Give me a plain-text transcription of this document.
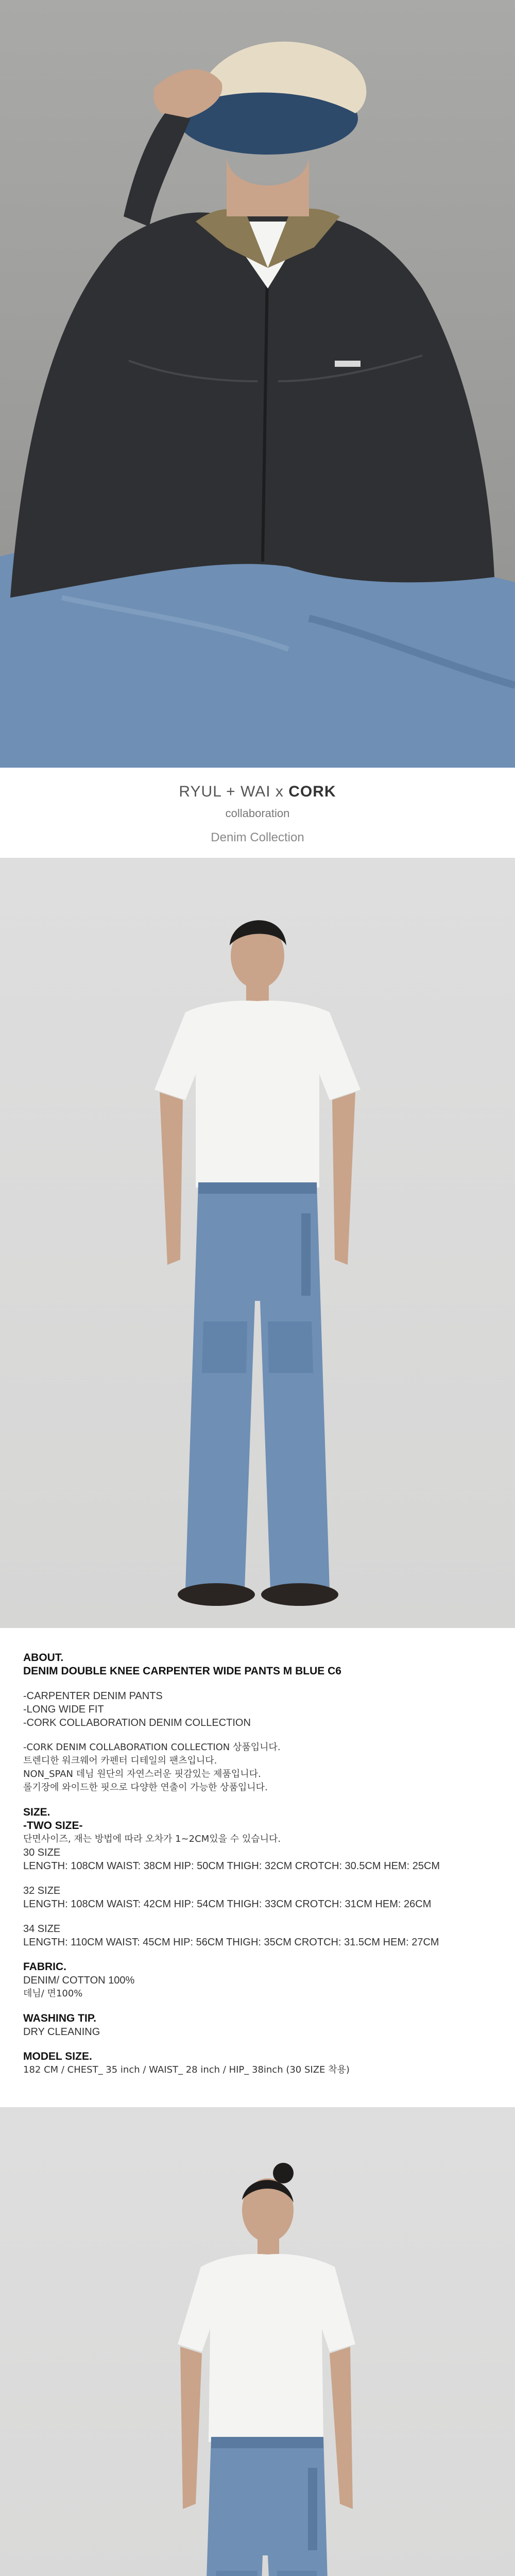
RYUL + WAI x CORK
collaboration
Denim Collection
ABOUT.
DENIM DOUBLE KNEE CARPENTER WIDE PANTS M BLUE C6
-CARPENTER DENIM PANTS
-LONG WIDE FIT
-CORK COLLABORATION DENIM COLLECTION
-CORK DENIM COLLABORATION COLLECTION 상품입니다.
트렌디한 워크웨어 카펜터 디테일의 팬츠입니다.
NON_SPAN 데님 원단의 자연스러운 핏감있는 제품입니다.
롤기장에 와이드한 핏으로 다양한 연출이 가능한 상품입니다.
SIZE.
-TWO SIZE-
단면사이즈, 재는 방법에 따라 오차가 1~2CM있을 수 있습니다.
30 SIZE
LENGTH: 108CM WAIST: 38CM HIP: 50CM THIGH: 32CM CROTCH: 30.5CM HEM: 25CM
32 SIZE
LENGTH: 108CM WAIST: 42CM HIP: 54CM THIGH: 33CM CROTCH: 31CM HEM: 26CM
34 SIZE
LENGTH: 110CM WAIST: 45CM HIP: 56CM THIGH: 35CM CROTCH: 31.5CM HEM: 27CM
FABRIC.
DENIM/ COTTON 100%
데님/ 면100%
WASHING TIP.
DRY CLEANING
MODEL SIZE.
182 CM / CHEST_ 35 inch / WAIST_ 28 inch / HIP_ 38inch (30 SIZE 착용)
